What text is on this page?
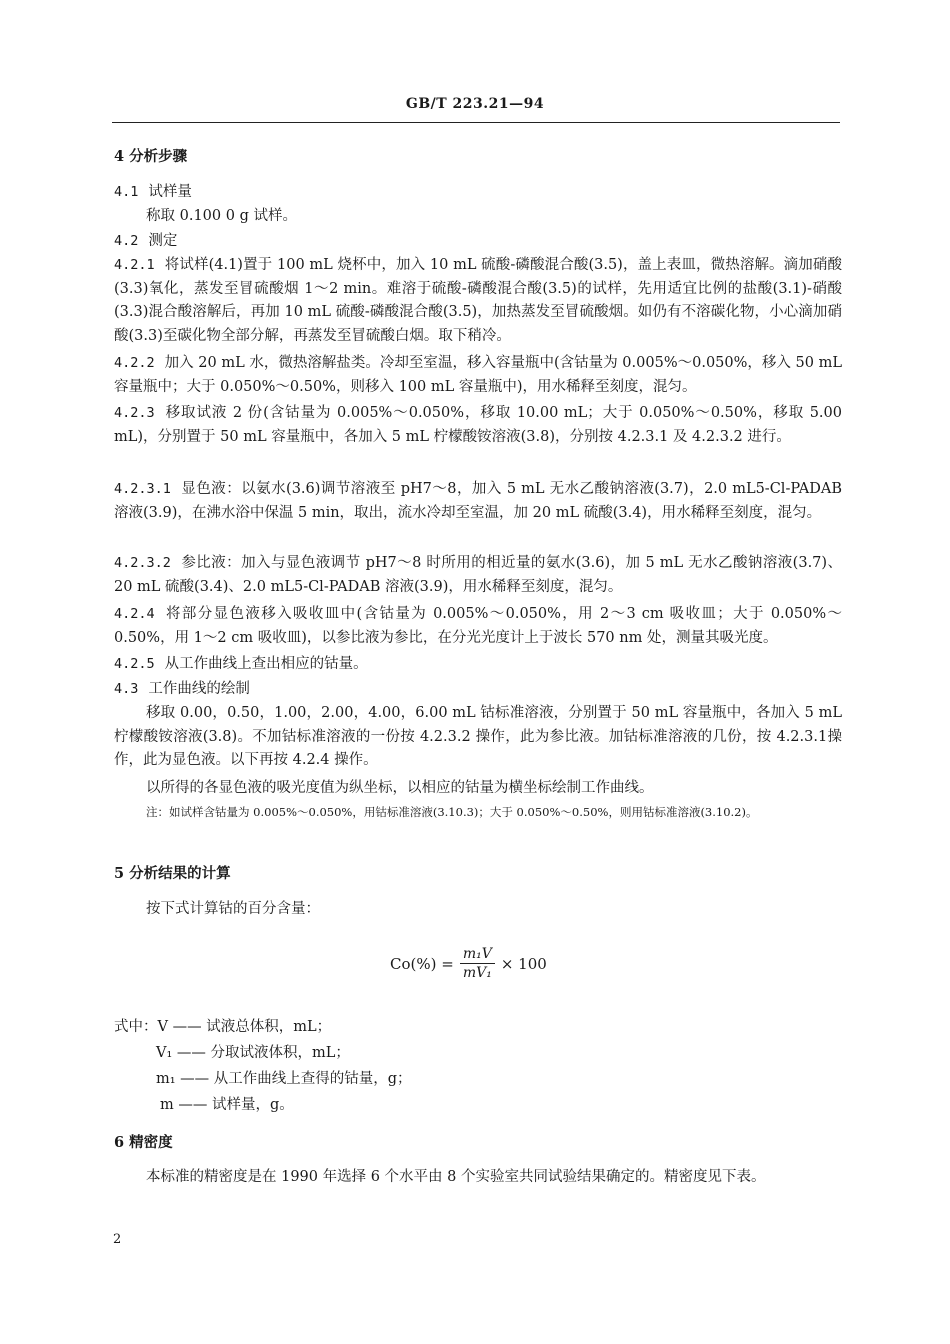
GB/T 223.21—94
4 分析步骤
4.1 试样量
称取 0.100 0 g 试样。
4.2 测定
4.2.1 将试样(4.1)置于 100 mL 烧杯中，加入 10 mL 硫酸-磷酸混合酸(3.5)，盖上表皿，微热溶解。滴加硝酸(3.3)氧化，蒸发至冒硫酸烟 1～2 min。难溶于硫酸-磷酸混合酸(3.5)的试样，先用适宜比例的盐酸(3.1)-硝酸(3.3)混合酸溶解后，再加 10 mL 硫酸-磷酸混合酸(3.5)，加热蒸发至冒硫酸烟。如仍有不溶碳化物，小心滴加硝酸(3.3)至碳化物全部分解，再蒸发至冒硫酸白烟。取下稍冷。
4.2.2 加入 20 mL 水，微热溶解盐类。冷却至室温，移入容量瓶中(含钴量为 0.005%～0.050%，移入 50 mL 容量瓶中；大于 0.050%～0.50%，则移入 100 mL 容量瓶中)，用水稀释至刻度，混匀。
4.2.3 移取试液 2 份(含钴量为 0.005%～0.050%，移取 10.00 mL；大于 0.050%～0.50%，移取 5.00 mL)，分别置于 50 mL 容量瓶中，各加入 5 mL 柠檬酸铵溶液(3.8)，分别按 4.2.3.1 及 4.2.3.2 进行。
4.2.3.1 显色液：以氨水(3.6)调节溶液至 pH7～8，加入 5 mL 无水乙酸钠溶液(3.7)，2.0 mL5-Cl-PADAB 溶液(3.9)，在沸水浴中保温 5 min，取出，流水冷却至室温，加 20 mL 硫酸(3.4)，用水稀释至刻度，混匀。
4.2.3.2 参比液：加入与显色液调节 pH7～8 时所用的相近量的氨水(3.6)，加 5 mL 无水乙酸钠溶液(3.7)、20 mL 硫酸(3.4)、2.0 mL5-Cl-PADAB 溶液(3.9)，用水稀释至刻度，混匀。
4.2.4 将部分显色液移入吸收皿中(含钴量为 0.005%～0.050%，用 2～3 cm 吸收皿；大于 0.050%～0.50%，用 1～2 cm 吸收皿)，以参比液为参比，在分光光度计上于波长 570 nm 处，测量其吸光度。
4.2.5 从工作曲线上查出相应的钴量。
4.3 工作曲线的绘制
移取 0.00，0.50，1.00，2.00，4.00，6.00 mL 钴标准溶液，分别置于 50 mL 容量瓶中，各加入 5 mL 柠檬酸铵溶液(3.8)。不加钴标准溶液的一份按 4.2.3.2 操作，此为参比液。加钴标准溶液的几份，按 4.2.3.1操作，此为显色液。以下再按 4.2.4 操作。
以所得的各显色液的吸光度值为纵坐标，以相应的钴量为横坐标绘制工作曲线。
注：如试样含钴量为 0.005%～0.050%，用钴标准溶液(3.10.3)；大于 0.050%～0.50%，则用钴标准溶液(3.10.2)。
5 分析结果的计算
按下式计算钴的百分含量：
$Co(\%) = \frac{\text{m₁V}}{\text{mV₁}} \times 100$
式中：V —— 试液总体积，mL；
V₁ —— 分取试液体积，mL；
m₁ —— 从工作曲线上查得的钴量，g；
m —— 试样量，g。
6 精密度
本标准的精密度是在 1990 年选择 6 个水平由 8 个实验室共同试验结果确定的。精密度见下表。
2
